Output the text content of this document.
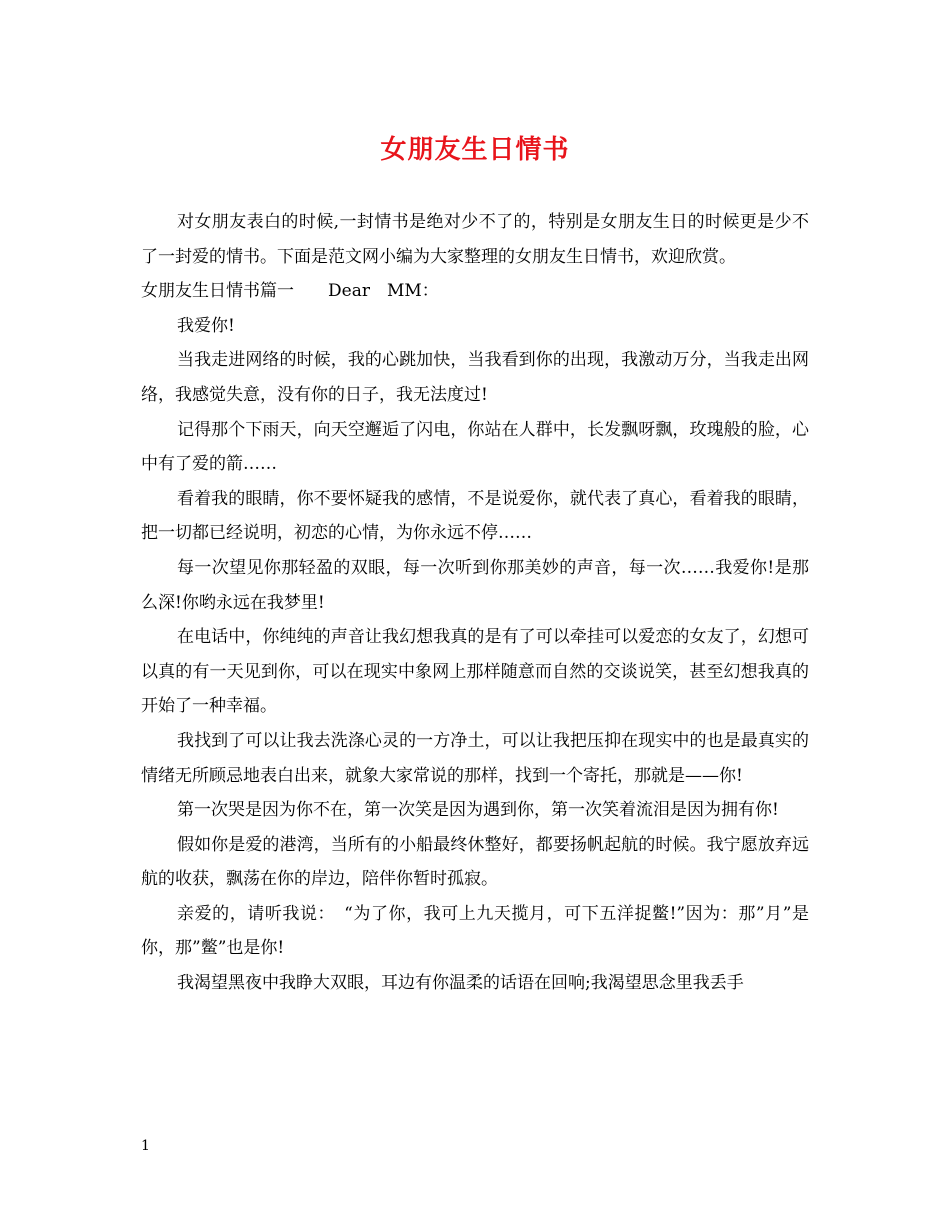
女朋友生日情书

对女朋友表白的时候,一封情书是绝对少不了的，特别是女朋友生日的时候更是少不了一封爱的情书。下面是范文网小编为大家整理的女朋友生日情书，欢迎欣赏。

女朋友生日情书篇一　　Dear　MM：

我爱你!

当我走进网络的时候，我的心跳加快，当我看到你的出现，我激动万分，当我走出网络，我感觉失意，没有你的日子，我无法度过!

记得那个下雨天，向天空邂逅了闪电，你站在人群中，长发飘呀飘，玫瑰般的脸，心中有了爱的箭……

看着我的眼睛，你不要怀疑我的感情，不是说爱你，就代表了真心，看着我的眼睛，把一切都已经说明，初恋的心情，为你永远不停……

每一次望见你那轻盈的双眼，每一次听到你那美妙的声音，每一次……我爱你!是那么深!你哟永远在我梦里!

在电话中，你纯纯的声音让我幻想我真的是有了可以牵挂可以爱恋的女友了，幻想可以真的有一天见到你，可以在现实中象网上那样随意而自然的交谈说笑，甚至幻想我真的开始了一种幸福。

我找到了可以让我去洗涤心灵的一方净土，可以让我把压抑在现实中的也是最真实的情绪无所顾忌地表白出来，就象大家常说的那样，找到一个寄托，那就是——你!

第一次哭是因为你不在，第一次笑是因为遇到你，第一次笑着流泪是因为拥有你!

假如你是爱的港湾，当所有的小船最终休整好，都要扬帆起航的时候。我宁愿放弃远航的收获，飘荡在你的岸边，陪伴你暂时孤寂。

亲爱的，请听我说：　“为了你，我可上九天揽月，可下五洋捉鳖!”因为：那”月”是你，那”鳖”也是你!

我渴望黑夜中我睁大双眼，耳边有你温柔的话语在回响;我渴望思念里我丢手

1
